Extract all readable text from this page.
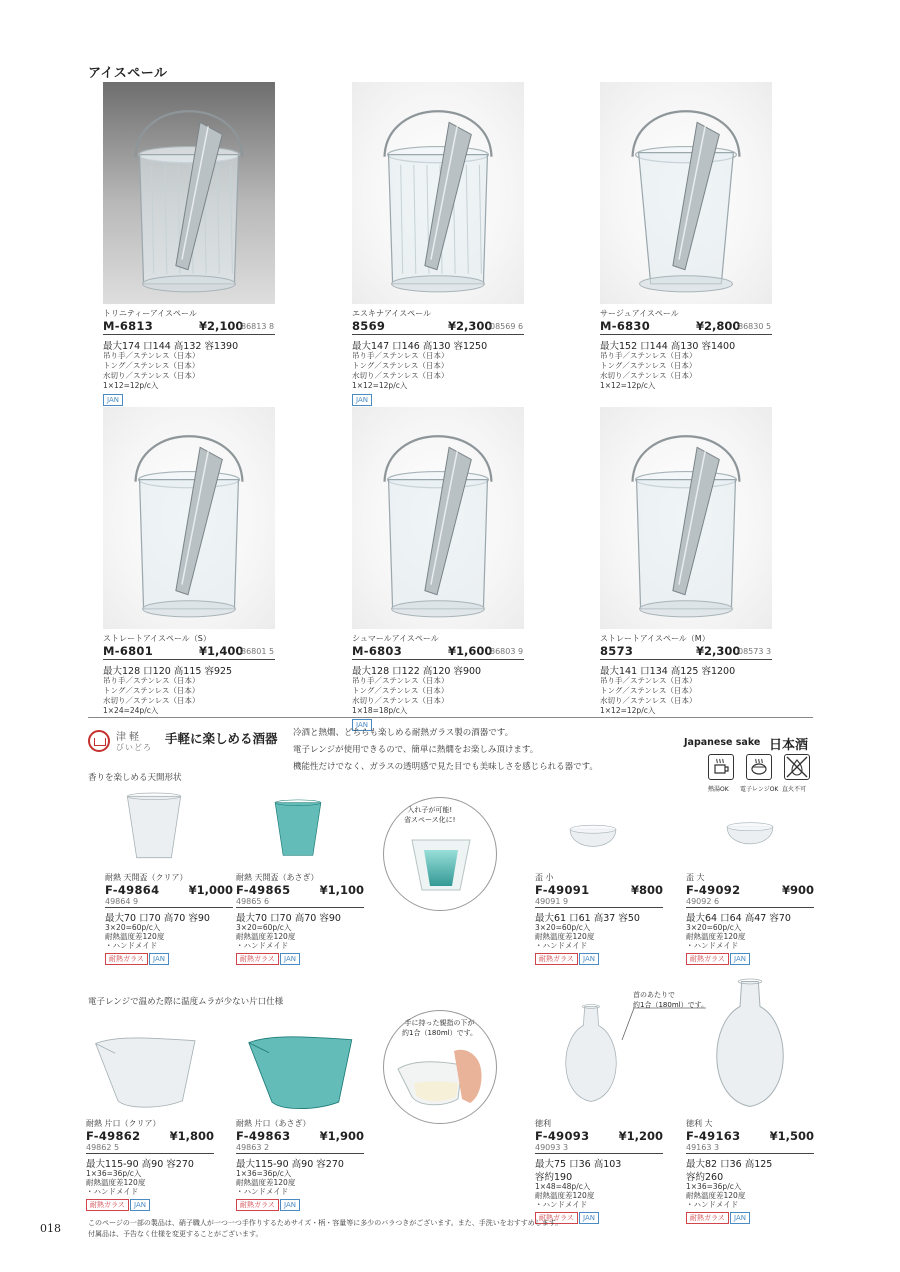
アイスペール
トリニティーアイスペール
M-6813	¥2,100
86813 8
最大174 口144 高132 容1390
吊り手／ステンレス（日本）
トング／ステンレス（日本）
水切り／ステンレス（日本）
1×12=12p/c入
JAN
エスキナアイスペール
8569	¥2,300
08569 6
最大147 口146 高130 容1250
吊り手／ステンレス（日本）
トング／ステンレス（日本）
水切り／ステンレス（日本）
1×12=12p/c入
JAN
サージュアイスペール
M-6830	¥2,800
86830 5
最大152 口144 高130 容1400
吊り手／ステンレス（日本）
トング／ステンレス（日本）
水切り／ステンレス（日本）
1×12=12p/c入
ストレートアイスペール（S）
M-6801	¥1,400
86801 5
最大128 口120 高115 容925
吊り手／ステンレス（日本）
トング／ステンレス（日本）
水切り／ステンレス（日本）
1×24=24p/c入
シュマールアイスペール
M-6803	¥1,600
86803 9
最大128 口122 高120 容900
吊り手／ステンレス（日本）
トング／ステンレス（日本）
水切り／ステンレス（日本）
1×18=18p/c入
JAN
ストレートアイスペール（M）
8573	¥2,300
08573 3
最大141 口134 高125 容1200
吊り手／ステンレス（日本）
トング／ステンレス（日本）
水切り／ステンレス（日本）
1×12=12p/c入
津軽
びいどろ
手軽に楽しめる酒器 冷酒と熱燗、どちらも楽しめる耐熱ガラス製の酒器です。
電子レンジが使用できるので、簡単に熱燗をお楽しみ頂けます。
機能性だけでなく、ガラスの透明感で見た目でも美味しさを感じられる器です。
Japanese sake 日本酒
熱湯OK 電子レンジOK 直火不可
香りを楽しめる天開形状
電子レンジで温めた際に温度ムラが少ない片口仕様
入れ子が可能!
省スペース化に!
手に持った親指の下が
約1合（180ml）です。
首のあたりで
約1合（180ml）です。
耐熱 天開盃（クリア）
F-49864	¥1,000
49864 9
最大70 口70 高70 容90
3×20=60p/c入
耐熱温度差120度
・ハンドメイド
耐熱ガラス	JAN
耐熱 天開盃（あさぎ）
F-49865	¥1,100
49865 6
最大70 口70 高70 容90
3×20=60p/c入
耐熱温度差120度
・ハンドメイド
耐熱ガラス	JAN
盃 小
F-49091	¥800
49091 9
最大61 口61 高37 容50
3×20=60p/c入
耐熱温度差120度
・ハンドメイド
耐熱ガラス	JAN
盃 大
F-49092	¥900
49092 6
最大64 口64 高47 容70
3×20=60p/c入
耐熱温度差120度
・ハンドメイド
耐熱ガラス	JAN
耐熱 片口（クリア）
F-49862	¥1,800
49862 5
最大115-90 高90 容270
1×36=36p/c入
耐熱温度差120度
・ハンドメイド
耐熱ガラス	JAN
耐熱 片口（あさぎ）
F-49863	¥1,900
49863 2
最大115-90 高90 容270
1×36=36p/c入
耐熱温度差120度
・ハンドメイド
耐熱ガラス	JAN
徳利
F-49093	¥1,200
49093 3
最大75 口36 高103
容約190
1×48=48p/c入
耐熱温度差120度
・ハンドメイド
耐熱ガラス	JAN
徳利 大
F-49163	¥1,500
49163 3
最大82 口36 高125
容約260
1×36=36p/c入
耐熱温度差120度
・ハンドメイド
耐熱ガラス	JAN
018	このページの一部の製品は、硝子職人が一つ一つ手作りするためサイズ・柄・容量等に多少のバラつきがございます。また、手洗いをおすすめします。
付属品は、予告なく仕様を変更することがございます。
